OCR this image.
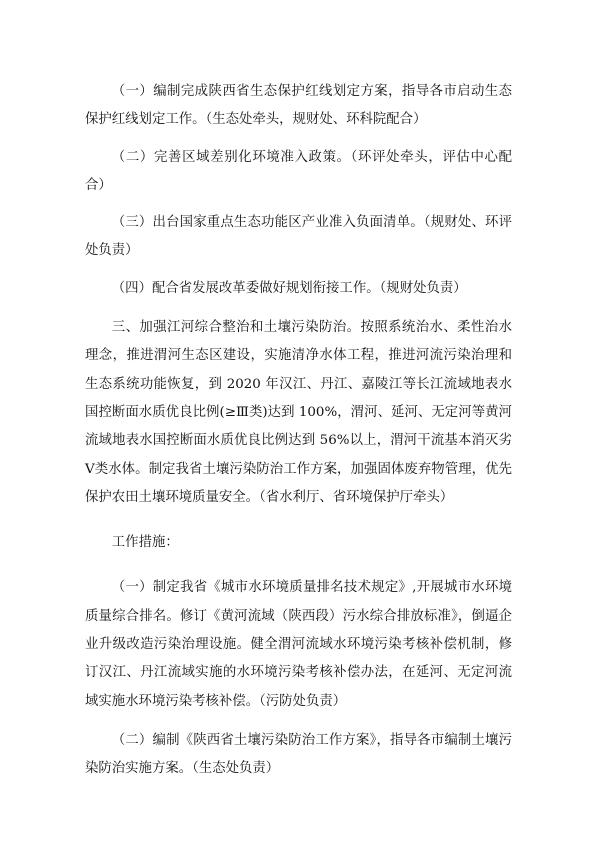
（一）编制完成陕西省生态保护红线划定方案，指导各市启动生态保护红线划定工作。（生态处牵头，规财处、环科院配合）

（二）完善区域差别化环境准入政策。（环评处牵头，评估中心配合）

（三）出台国家重点生态功能区产业准入负面清单。（规财处、环评处负责）

（四）配合省发展改革委做好规划衔接工作。（规财处负责）

三、加强江河综合整治和土壤污染防治。按照系统治水、柔性治水理念，推进渭河生态区建设，实施清净水体工程，推进河流污染治理和生态系统功能恢复，到 2020 年汉江、丹江、嘉陵江等长江流域地表水国控断面水质优良比例(≥Ⅲ类)达到 100%，渭河、延河、无定河等黄河流域地表水国控断面水质优良比例达到 56%以上，渭河干流基本消灭劣Ⅴ类水体。制定我省土壤污染防治工作方案，加强固体废弃物管理，优先保护农田土壤环境质量安全。（省水利厅、省环境保护厅牵头）

工作措施：

（一）制定我省《城市水环境质量排名技术规定》,开展城市水环境质量综合排名。修订《黄河流域（陕西段）污水综合排放标准》，倒逼企业升级改造污染治理设施。健全渭河流域水环境污染考核补偿机制，修订汉江、丹江流域实施的水环境污染考核补偿办法，在延河、无定河流域实施水环境污染考核补偿。（污防处负责）

（二）编制《陕西省土壤污染防治工作方案》，指导各市编制土壤污染防治实施方案。（生态处负责）
